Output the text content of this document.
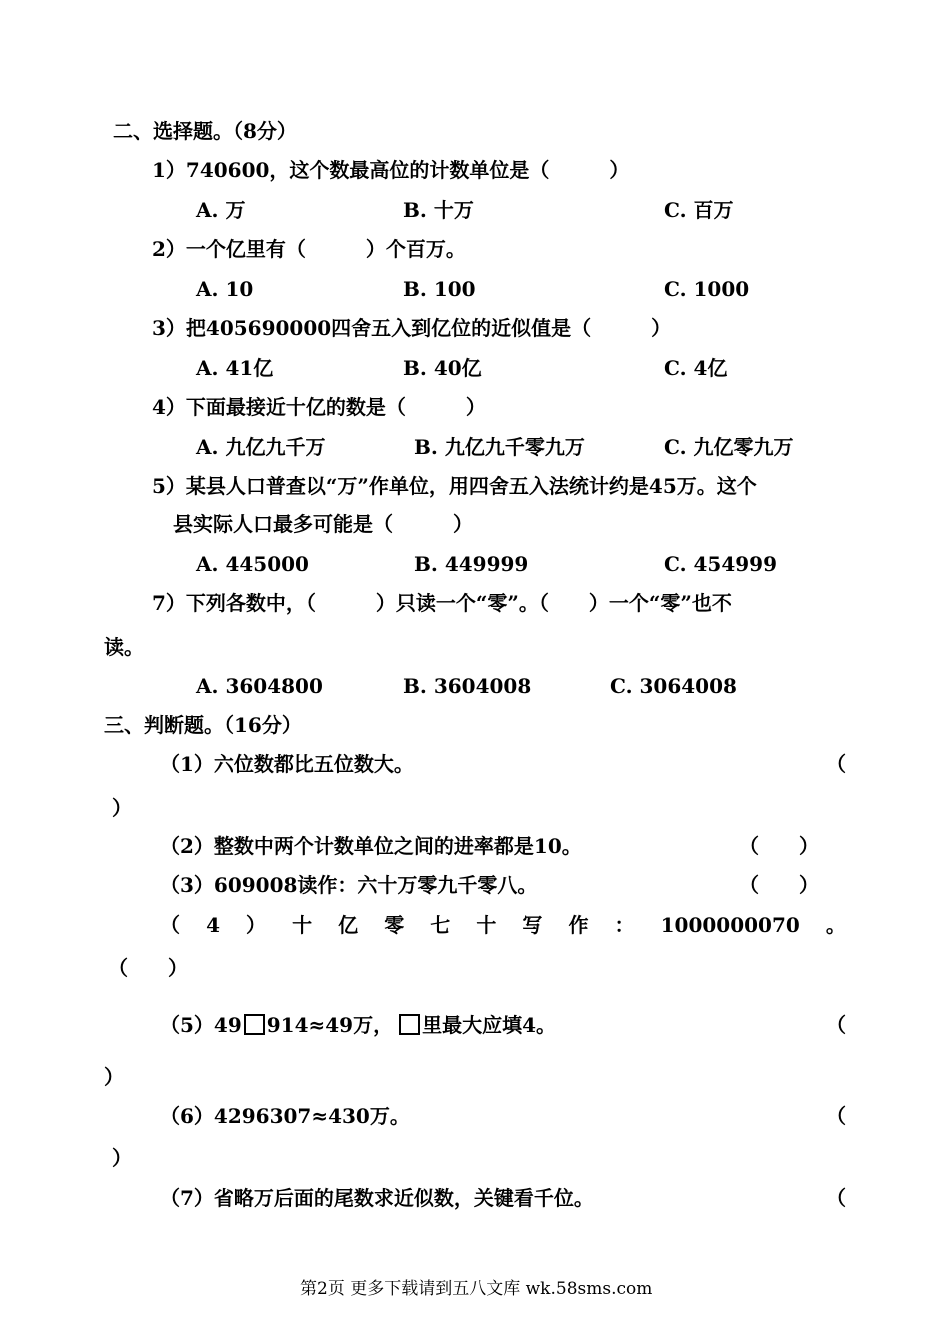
二、选择题。（8分）
1）740600，这个数最高位的计数单位是（　　　）
A. 万	B. 十万	C. 百万
2）一个亿里有（　　　）个百万。
A. 10	B. 100	C. 1000
3）把405690000四舍五入到亿位的近似值是（　　　）
A. 41亿	B. 40亿	C. 4亿
4）下面最接近十亿的数是（　　　）
A. 九亿九千万	B. 九亿九千零九万	C. 九亿零九万
5）某县人口普查以“万”作单位，用四舍五入法统计约是45万。这个
县实际人口最多可能是（　　　）
A. 445000	B. 449999	C. 454999
7）下列各数中，（　　　）只读一个“零”。（　　）一个“零”也不
读。
A. 3604800	B. 3604008	C. 3064008
三、判断题。（16分）
（1）六位数都比五位数大。	（
）
（2）整数中两个计数单位之间的进率都是10。	（　　）
（3）609008读作：六十万零九千零八。	（　　）
（ 4 ） 十 亿 零 七 十 写 作 ： 1000000070 。
（　　）
（5）49 914≈49万， 里最大应填4。	（
）
（6）4296307≈430万。	（
）
（7）省略万后面的尾数求近似数，关键看千位。	（
第2页 更多下载请到五八文库 wk.58sms.com
